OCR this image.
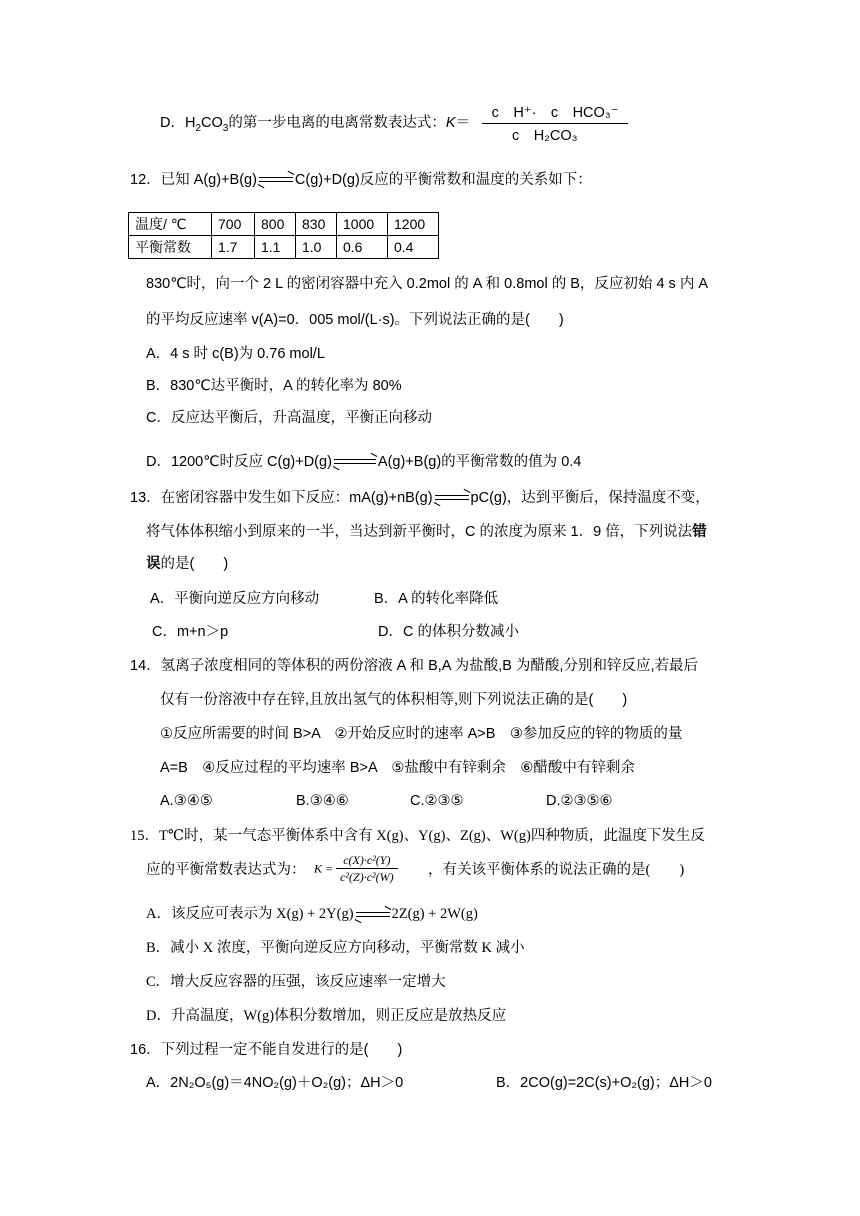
D．$H_2CO_3$的第一步电离的电离常数表达式：K＝
c　H⁺·　c　HCO₃⁻
c　H₂CO₃
12．已知 A(g)+B(g)	C(g)+D(g)反应的平衡常数和温度的关系如下：
温度/ ℃	700	800	830	1000	1200
平衡常数	1.7	1.1	1.0	0.6	0.4
830℃时，向一个 2 L 的密闭容器中充入 0.2mol 的 A 和 0.8mol 的 B，反应初始 4 s 内 A
的平均反应速率 v(A)=0．005 mol/(L·s)。下列说法正确的是(　　)
A．4 s 时 c(B)为 0.76 mol/L
B．830℃达平衡时，A 的转化率为 80%
C．反应达平衡后，升高温度，平衡正向移动
D．1200℃时反应 C(g)+D(g)	A(g)+B(g)的平衡常数的值为 0.4
13．在密闭容器中发生如下反应：mA(g)+nB(g)	pC(g)，达到平衡后，保持温度不变，
将气体体积缩小到原来的一半，当达到新平衡时，C 的浓度为原来 1．9 倍，下列说法错
误的是(　　)
A．平衡向逆反应方向移动	B．A 的转化率降低
C．m+n＞p	D．C 的体积分数减小
14．氢离子浓度相同的等体积的两份溶液 A 和 B,A 为盐酸,B 为醋酸,分别和锌反应,若最后
仅有一份溶液中存在锌,且放出氢气的体积相等,则下列说法正确的是(　　)
①反应所需要的时间 B>A　②开始反应时的速率 A>B　③参加反应的锌的物质的量
A=B　④反应过程的平均速率 B>A　⑤盐酸中有锌剩余　⑥醋酸中有锌剩余
A.③④⑤	B.③④⑥	C.②③⑤	D.②③⑤⑥
15．T℃时，某一气态平衡体系中含有 X(g)、Y(g)、Z(g)、W(g)四种物质，此温度下发生反
应的平衡常数表达式为： $K = \frac{\text{c(X)·c²(Y)}}{\text{c²(Z)·c²(W)}}$ ，有关该平衡体系的说法正确的是(　　)
A．该反应可表示为 X(g) + 2Y(g)	2Z(g) + 2W(g)
B．减小 X 浓度，平衡向逆反应方向移动，平衡常数 K 减小
C．增大反应容器的压强，该反应速率一定增大
D．升高温度，W(g)体积分数增加，则正反应是放热反应
16．下列过程一定不能自发进行的是(　　)
A．2N₂O₅(g)＝4NO₂(g)＋O₂(g)；ΔH＞0	B．2CO(g)=2C(s)+O₂(g)；ΔH＞0
